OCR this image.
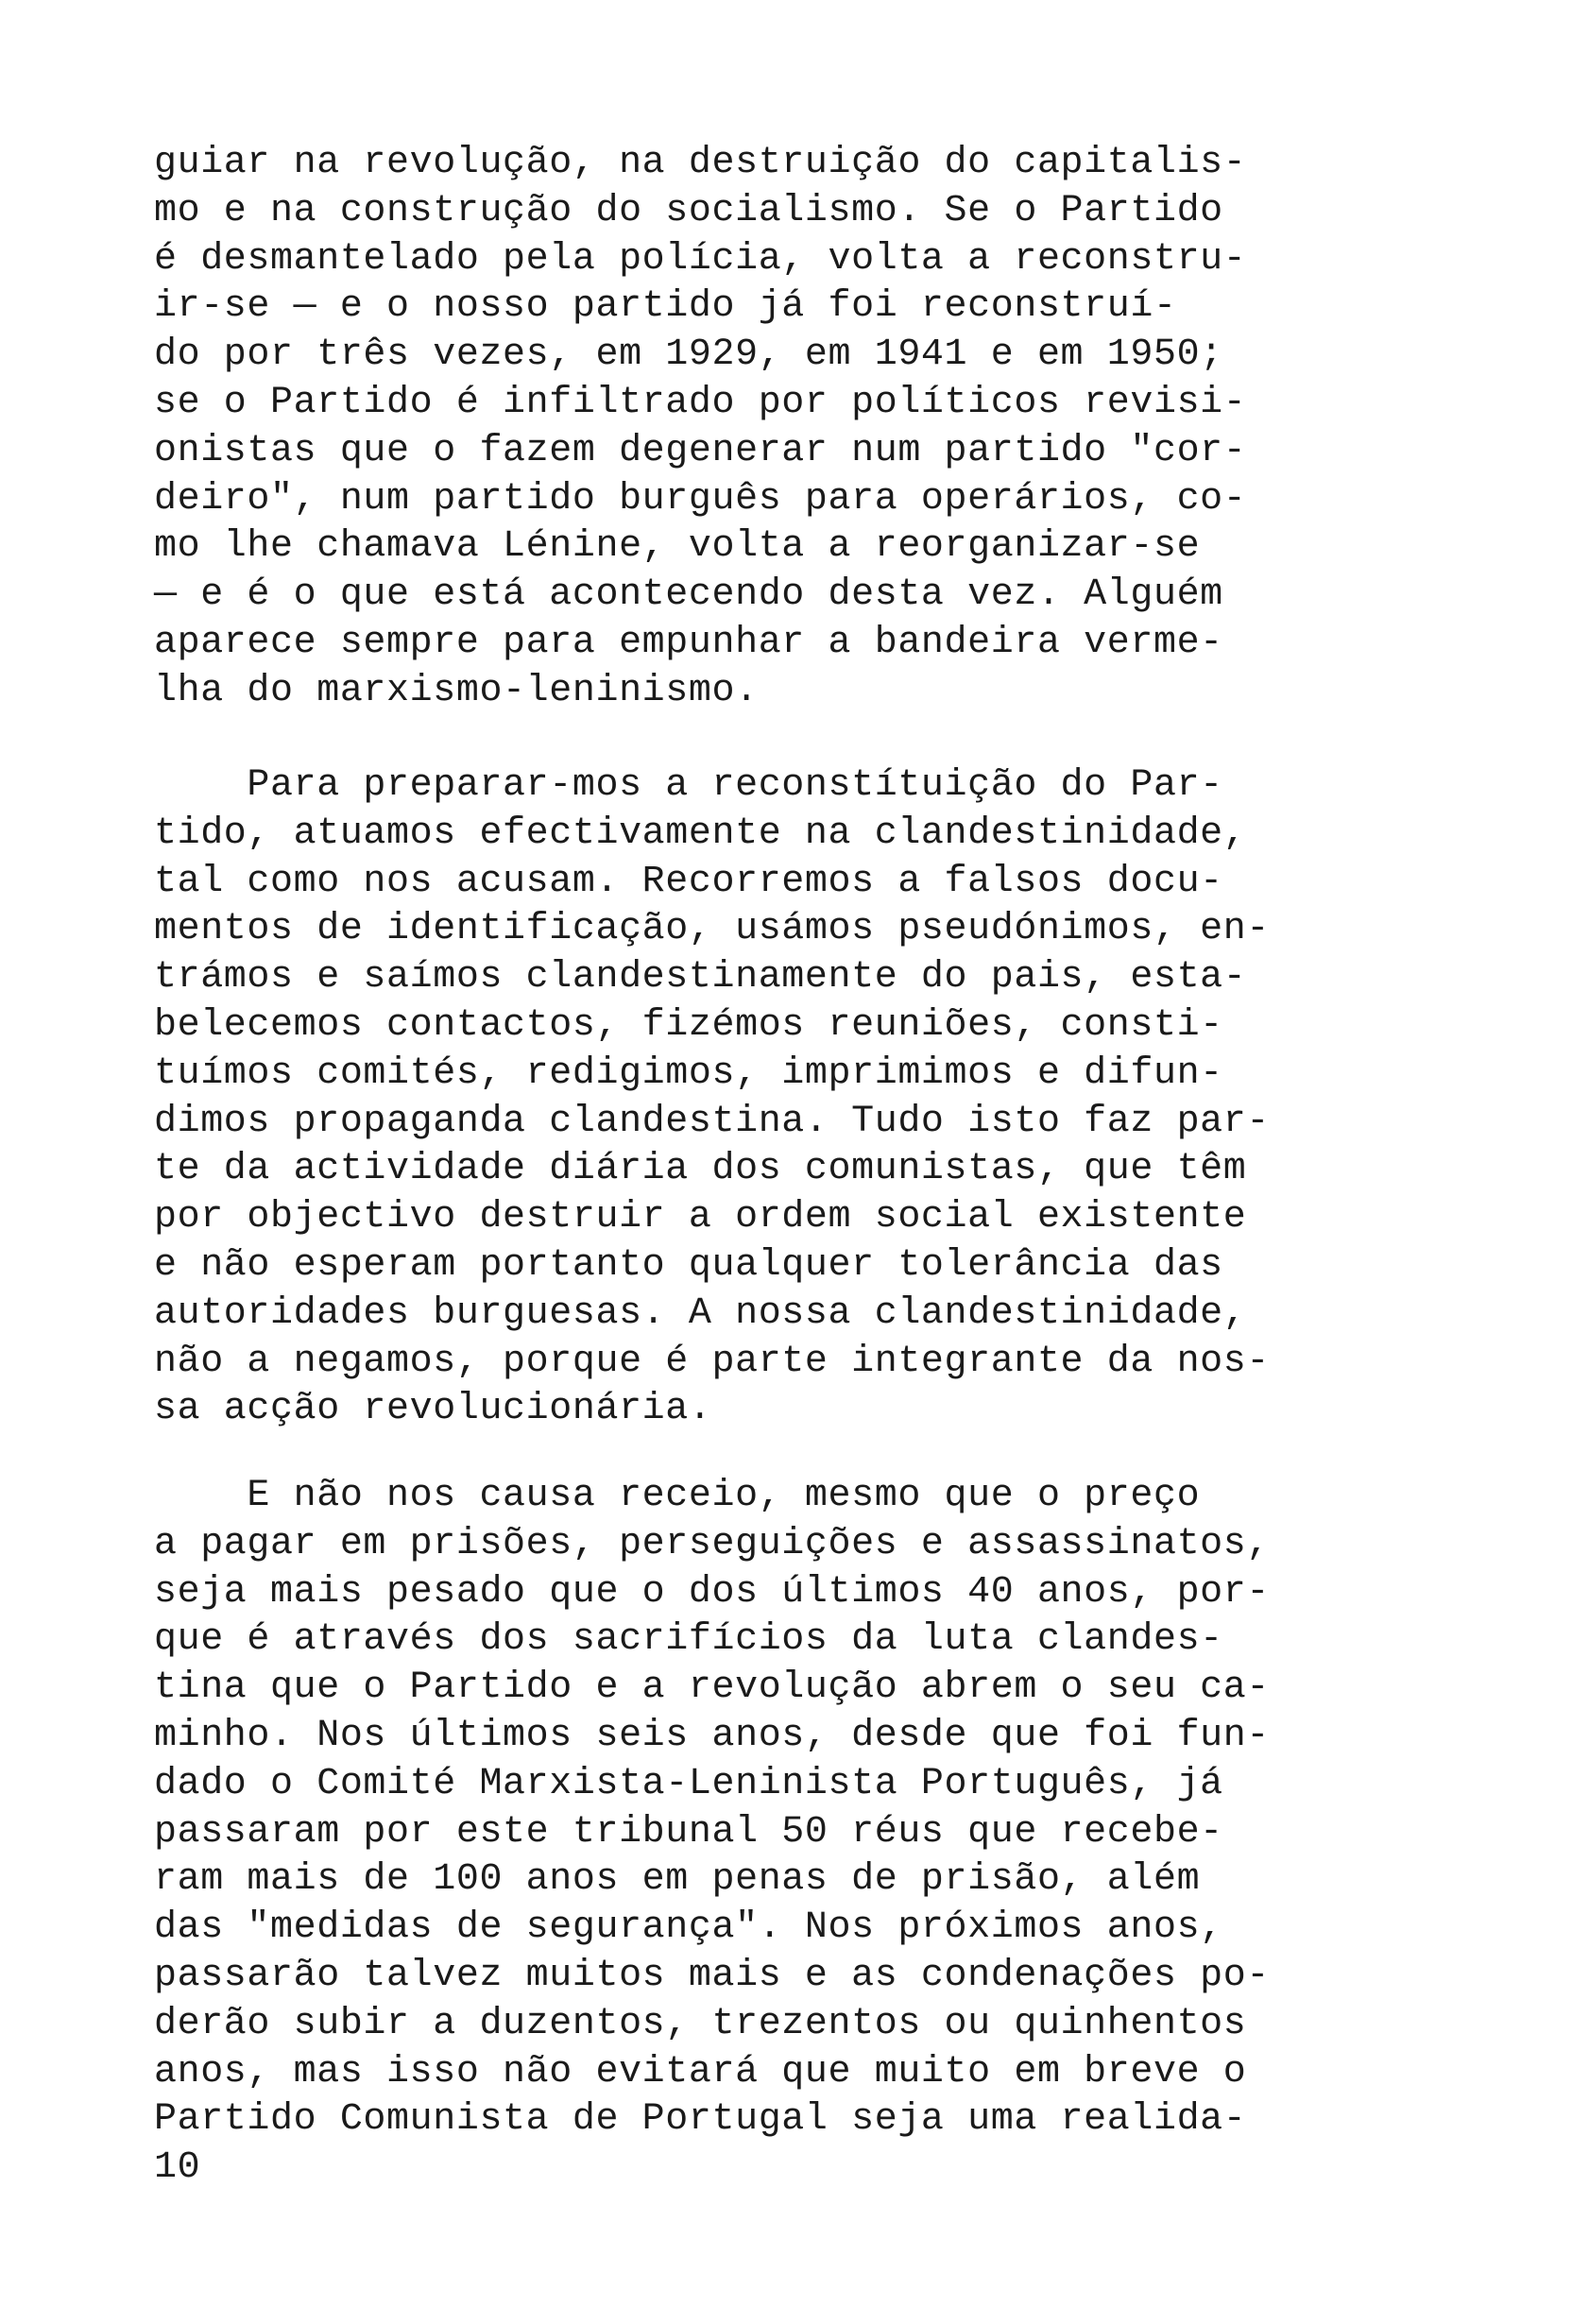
guiar na revolução, na destruição do capitalis-
mo e na construção do socialismo. Se o Partido
é desmantelado pela polícia, volta a reconstru-
ir-se — e o nosso partido já foi reconstruí-
do por três vezes, em 1929, em 1941 e em 1950;
se o Partido é infiltrado por políticos revisi-
onistas que o fazem degenerar num partido "cor-
deiro", num partido burguês para operários, co-
mo lhe chamava Lénine, volta a reorganizar-se
— e é o que está acontecendo desta vez. Alguém
aparece sempre para empunhar a bandeira verme-
lha do marxismo-leninismo.
Para preparar-mos a reconstítuição do Par-
tido, atuamos efectivamente na clandestinidade,
tal como nos acusam. Recorremos a falsos docu-
mentos de identificação, usámos pseudónimos, en-
trámos e saímos clandestinamente do pais, esta-
belecemos contactos, fizémos reuniões, consti-
tuímos comités, redigimos, imprimimos e difun-
dimos propaganda clandestina. Tudo isto faz par-
te da actividade diária dos comunistas, que têm
por objectivo destruir a ordem social existente
e não esperam portanto qualquer tolerância das
autoridades burguesas. A nossa clandestinidade,
não a negamos, porque é parte integrante da nos-
sa acção revolucionária.
E não nos causa receio, mesmo que o preço
a pagar em prisões, perseguições e assassinatos,
seja mais pesado que o dos últimos 40 anos, por-
que é através dos sacrifícios da luta clandes-
tina que o Partido e a revolução abrem o seu ca-
minho. Nos últimos seis anos, desde que foi fun-
dado o Comité Marxista-Leninista Português, já
passaram por este tribunal 50 réus que recebe-
ram mais de 100 anos em penas de prisão, além
das "medidas de segurança". Nos próximos anos,
passarão talvez muitos mais e as condenações po-
derão subir a duzentos, trezentos ou quinhentos
anos, mas isso não evitará que muito em breve o
Partido Comunista de Portugal seja uma realida-
10
